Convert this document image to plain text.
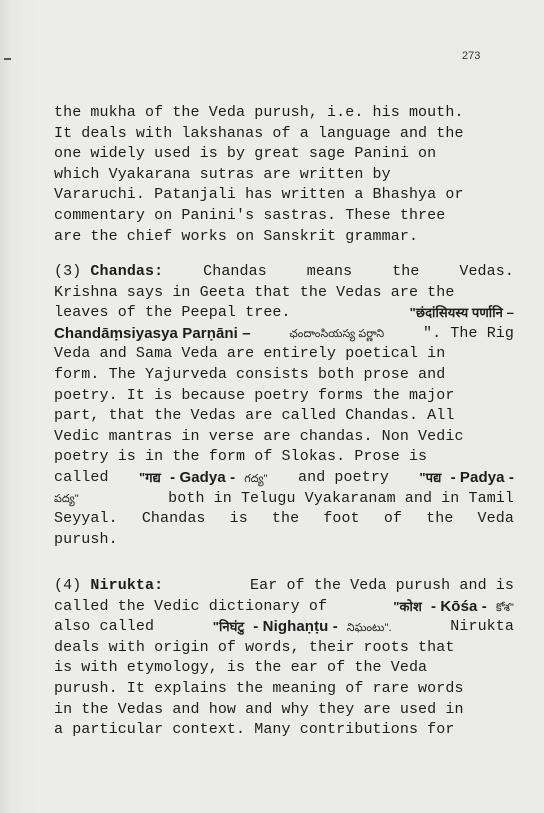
273
the mukha of the Veda purush, i.e. his mouth.
It deals with lakshanas of a language and the
one widely used is by great sage Panini on
which Vyakarana sutras are written by
Vararuchi. Patanjali has written a Bhashya or
commentary on Panini's sastras. These three
are the chief works on Sanskrit grammar.
(3) Chandas:	Chandas	means	the	Vedas.
Krishna says in Geeta that the Vedas are the
leaves of the Peepal tree.	"छंदांसियस्य पर्णानि –
Chandāṃsiyasya Parṇāni –	ఛందాంసియస్య పర్ణాని	". The Rig
Veda and Sama Veda are entirely poetical in
form. The Yajurveda consists both prose and
poetry. It is because poetry forms the major
part, that the Vedas are called Chandas. All
Vedic mantras in verse are chandas. Non Vedic
poetry is in the form of Slokas. Prose is
called "गद्य - Gadya - గద్య" and poetry "पद्य - Padya -
పద్య"	both in Telugu Vyakaranam and in Tamil
Seyyal. Chandas is the foot of the Veda
purush.
(4) Nirukta:	Ear of the Veda purush and is
called the Vedic dictionary of	"कोश - Kōśa - కోశ"
also called	"निघंटु - Nighaṇṭu - నిఘంటు".	Nirukta
deals with origin of words, their roots that
is with etymology, is the ear of the Veda
purush. It explains the meaning of rare words
in the Vedas and how and why they are used in
a particular context. Many contributions for
